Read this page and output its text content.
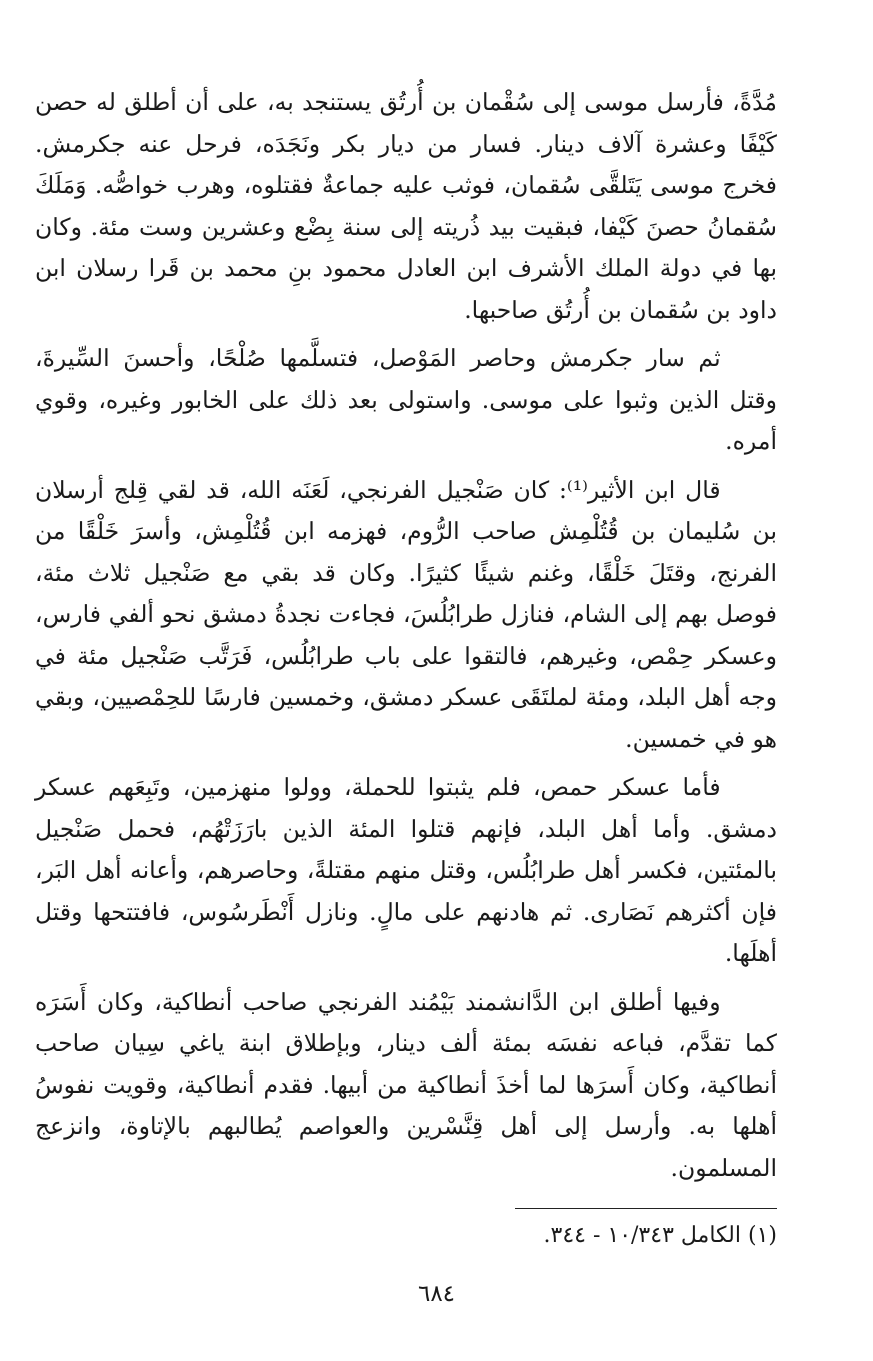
مُدَّةً، فأرسل موسى إلى سُقْمان بن أُرتُق يستنجد به، على أن أطلق له حصن كَيْفًا وعشرة آلاف دينار. فسار من ديار بكر ونَجَدَه، فرحل عنه جكرمش. فخرج موسى يَتَلقَّى سُقمان، فوثب عليه جماعةٌ فقتلوه، وهرب خواصُّه. وَمَلَكَ سُقمانُ حصنَ كَيْفا، فبقيت بيد ذُريته إلى سنة بِضْع وعشرين وست مئة. وكان بها في دولة الملك الأشرف ابن العادل محمود بنِ محمد بن قَرا رسلان ابن داود بن سُقمان بن أُرتُق صاحبها.

ثم سار جكرمش وحاصر المَوْصل، فتسلَّمها صُلْحًا، وأحسنَ السِّيرةَ، وقتل الذين وثبوا على موسى. واستولى بعد ذلك على الخابور وغيره، وقوي أمره.

قال ابن الأثير⁽¹⁾: كان صَنْجيل الفرنجي، لَعَنَه الله، قد لقي قِلج أرسلان بن سُليمان بن قُتُلْمِش صاحب الرُّوم، فهزمه ابن قُتُلْمِش، وأسرَ خَلْقًا من الفرنج، وقتَلَ خَلْقًا، وغنم شيئًا كثيرًا. وكان قد بقي مع صَنْجيل ثلاث مئة، فوصل بهم إلى الشام، فنازل طرابُلُسَ، فجاءت نجدةُ دمشق نحو ألفي فارس، وعسكر حِمْص، وغيرهم، فالتقوا على باب طرابُلُس، فَرَتَّب صَنْجيل مئة في وجه أهل البلد، ومئة لملتَقَى عسكر دمشق، وخمسين فارسًا للحِمْصيين، وبقي هو في خمسين.

فأما عسكر حمص، فلم يثبتوا للحملة، وولوا منهزمين، وتَبِعَهم عسكر دمشق. وأما أهل البلد، فإنهم قتلوا المئة الذين بارَزَتْهُم، فحمل صَنْجيل بالمئتين، فكسر أهل طرابُلُس، وقتل منهم مقتلةً، وحاصرهم، وأعانه أهل البَر، فإن أكثرهم نَصَارى. ثم هادنهم على مالٍ. ونازل أَنْطَرسُوس، فافتتحها وقتل أهلَها.

وفيها أطلق ابن الدَّانشمند بَيْمُند الفرنجي صاحب أنطاكية، وكان أَسَرَه كما تقدَّم، فباعه نفسَه بمئة ألف دينار، وبإطلاق ابنة ياغي سِيان صاحب أنطاكية، وكان أَسرَها لما أخذَ أنطاكية من أبيها. فقدم أنطاكية، وقويت نفوسُ أهلها به. وأرسل إلى أهل قِنَّسْرين والعواصم يُطالبهم بالإتاوة، وانزعج المسلمون.

(١) الكامل ١٠/٣٤٣ - ٣٤٤.

٦٨٤
